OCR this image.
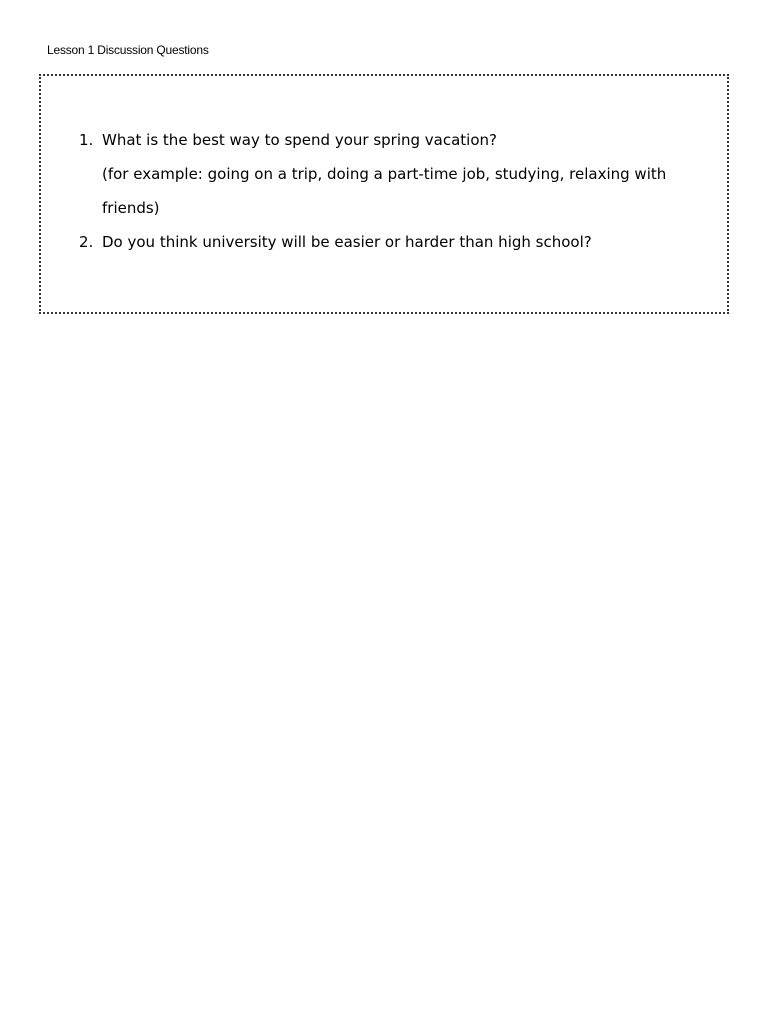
Lesson 1 Discussion Questions
1. What is the best way to spend your spring vacation?
(for example: going on a trip, doing a part-time job, studying, relaxing with
friends)
2. Do you think university will be easier or harder than high school?
